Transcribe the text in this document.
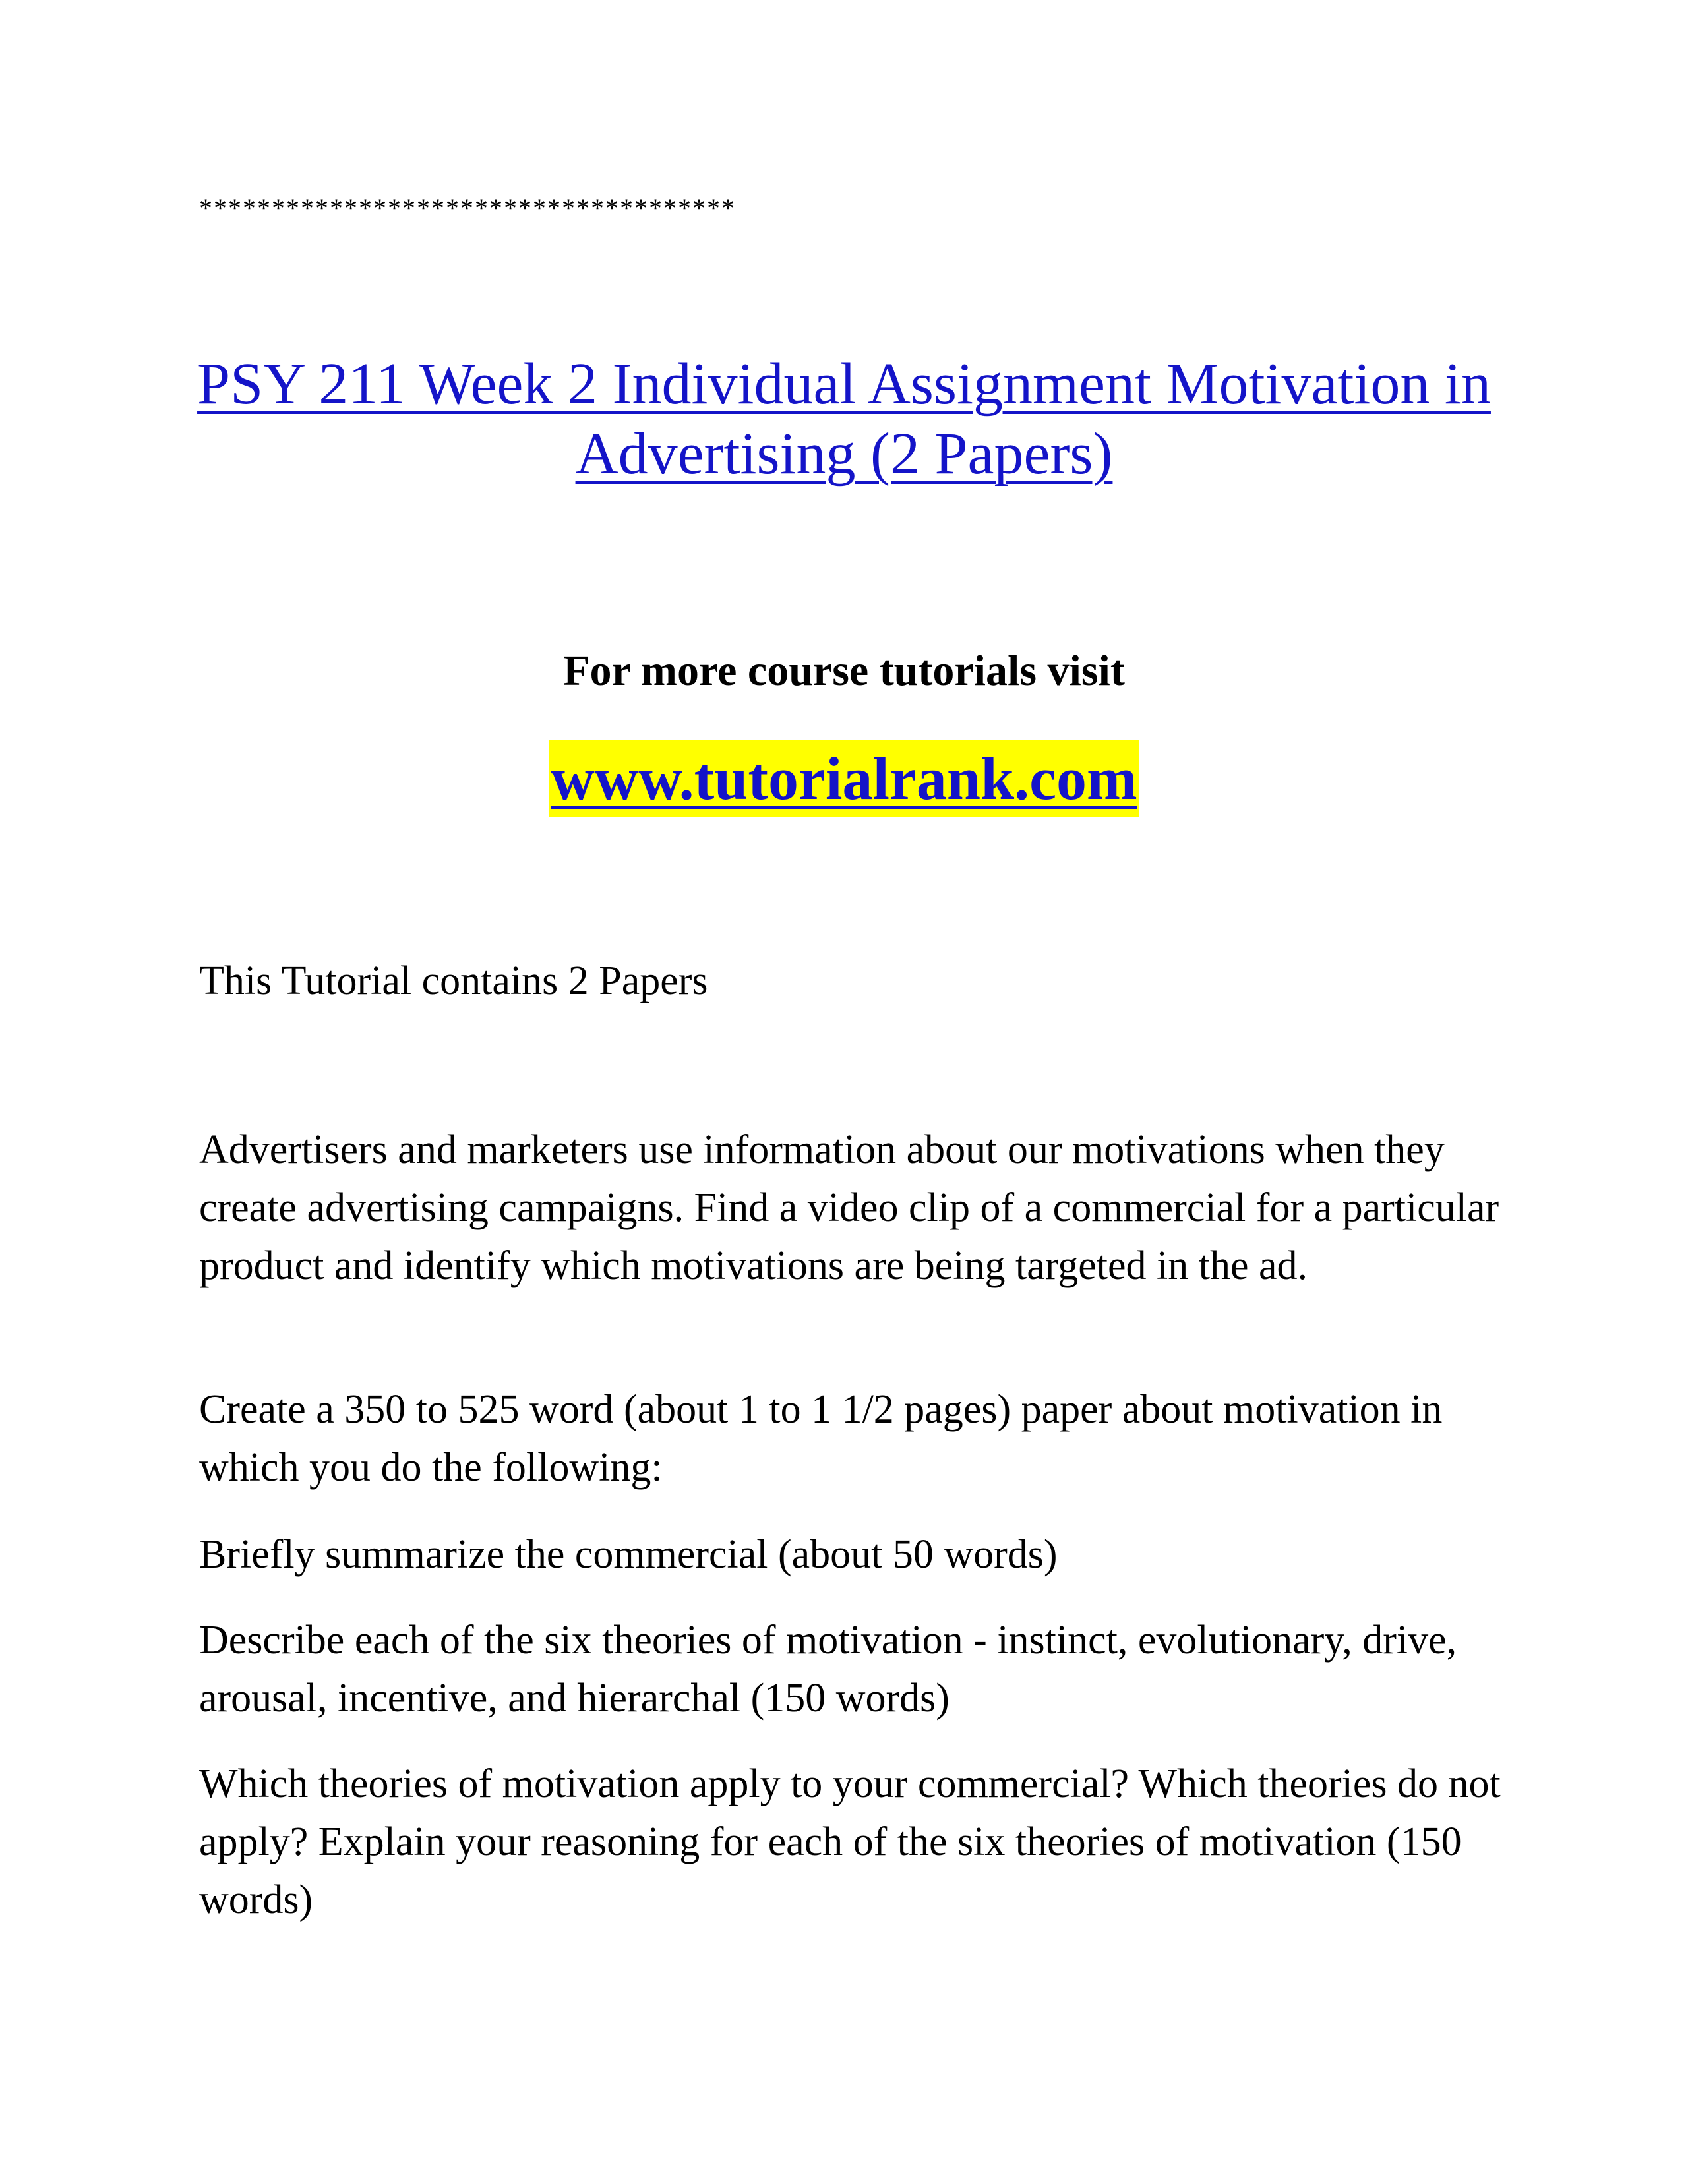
*************************************
PSY 211 Week 2 Individual Assignment Motivation in Advertising (2 Papers)
For more course tutorials visit
www.tutorialrank.com

This Tutorial contains 2 Papers

Advertisers and marketers use information about our motivations when they create advertising campaigns. Find a video clip of a commercial for a particular product and identify which motivations are being targeted in the ad.

Create a 350 to 525 word (about 1 to 1 1/2 pages) paper about motivation in which you do the following:

Briefly summarize the commercial (about 50 words)

Describe each of the six theories of motivation - instinct, evolutionary, drive, arousal, incentive, and hierarchal (150 words)

Which theories of motivation apply to your commercial? Which theories do not apply? Explain your reasoning for each of the six theories of motivation (150 words)
